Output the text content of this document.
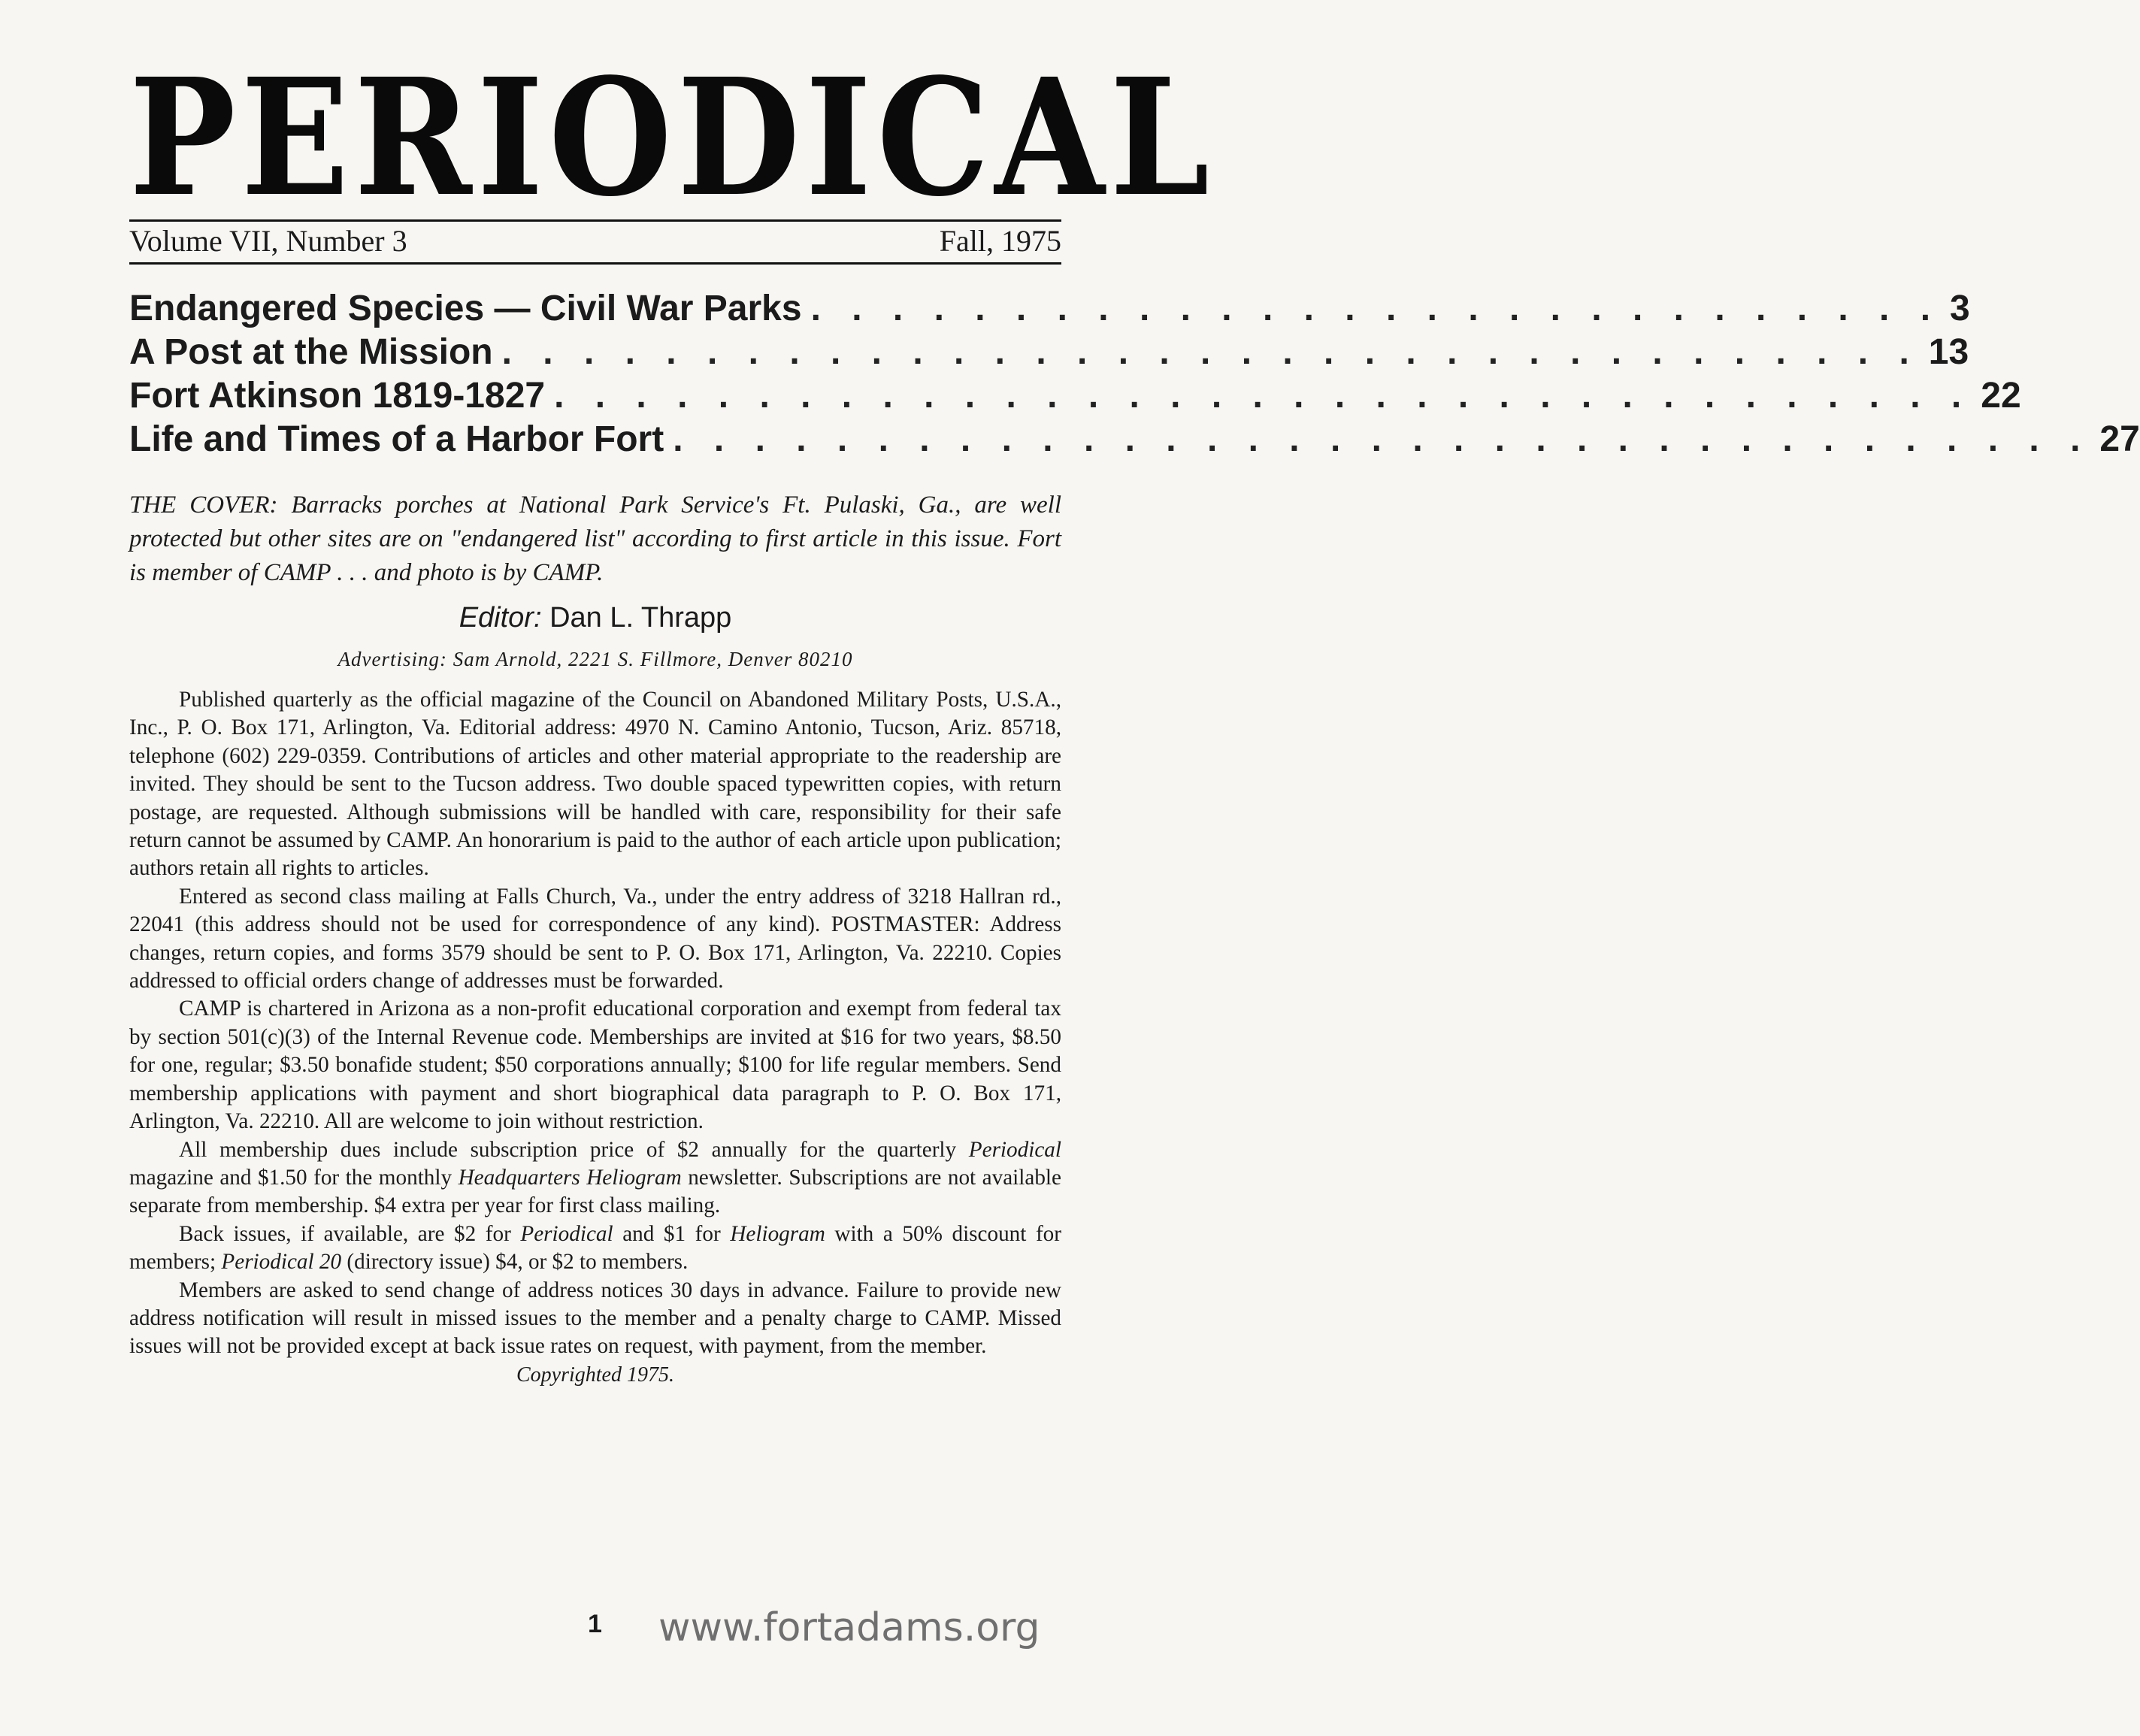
PERIODICAL
Volume VII, Number 3	Fall, 1975
Endangered Species — Civil War Parks . . . . . . . . . . . . . . . . . . . . . . . . . . . . 3
A Post at the Mission . . . . . . . . . . . . . . . . . . . . . . . . . . . . . . . . . . . 13
Fort Atkinson 1819-1827 . . . . . . . . . . . . . . . . . . . . . . . . . . . . . . . . . . . 22
Life and Times of a Harbor Fort . . . . . . . . . . . . . . . . . . . . . . . . . . . . . . . . . . . 27
THE COVER: Barracks porches at National Park Service's Ft. Pulaski, Ga., are well protected but other sites are on "endangered list" according to first article in this issue. Fort is member of CAMP . . . and photo is by CAMP.
Editor: Dan L. Thrapp
Advertising: Sam Arnold, 2221 S. Fillmore, Denver 80210

Published quarterly as the official magazine of the Council on Abandoned Military Posts, U.S.A., Inc., P. O. Box 171, Arlington, Va. Editorial address: 4970 N. Camino Antonio, Tucson, Ariz. 85718, telephone (602) 229-0359. Contributions of articles and other material appropriate to the readership are invited. They should be sent to the Tucson address. Two double spaced typewritten copies, with return postage, are requested. Although submissions will be handled with care, responsibility for their safe return cannot be assumed by CAMP. An honorarium is paid to the author of each article upon publication; authors retain all rights to articles.

Entered as second class mailing at Falls Church, Va., under the entry address of 3218 Hallran rd., 22041 (this address should not be used for correspondence of any kind). POSTMASTER: Address changes, return copies, and forms 3579 should be sent to P. O. Box 171, Arlington, Va. 22210. Copies addressed to official orders change of addresses must be forwarded.

CAMP is chartered in Arizona as a non-profit educational corporation and exempt from federal tax by section 501(c)(3) of the Internal Revenue code. Memberships are invited at $16 for two years, $8.50 for one, regular; $3.50 bonafide student; $50 corporations annually; $100 for life regular members. Send membership applications with payment and short biographical data paragraph to P. O. Box 171, Arlington, Va. 22210. All are welcome to join without restriction.

All membership dues include subscription price of $2 annually for the quarterly Periodical magazine and $1.50 for the monthly Headquarters Heliogram newsletter. Subscriptions are not available separate from membership. $4 extra per year for first class mailing.

Back issues, if available, are $2 for Periodical and $1 for Heliogram with a 50% discount for members; Periodical 20 (directory issue) $4, or $2 to members.

Members are asked to send change of address notices 30 days in advance. Failure to provide new address notification will result in missed issues to the member and a penalty charge to CAMP. Missed issues will not be provided except at back issue rates on request, with payment, from the member.

Copyrighted 1975.
1 www.fortadams.org
